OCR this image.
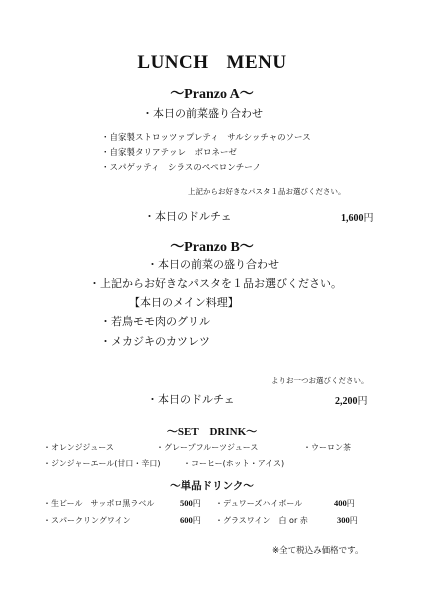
LUNCH MENU
～Pranzo A～
・本日の前菜盛り合わせ
・自家製ストロッツァプレティ　サルシッチャのソース
・自家製タリアテッレ　ボロネーゼ
・スパゲッティ　シラスのペペロンチーノ
上記からお好きなパスタ１品お選びください。
・本日のドルチェ	1,600円
～Pranzo B～
・本日の前菜の盛り合わせ
・上記からお好きなパスタを１品お選びください。
【本日のメイン料理】
・若鳥モモ肉のグリル
・メカジキのカツレツ
よりお一つお選びください。
・本日のドルチェ	2,200円
～SET　DRINK～
・オレンジジュース	・グレープフルーツジュース	・ウーロン茶
・ジンジャーエール(甘口・辛口)	・コーヒー(ホット・アイス)
～単品ドリンク～
・生ビール　サッポロ黒ラベル	500円 ・デュワーズハイボール	400円
・スパークリングワイン	600円 ・グラスワイン　白 or 赤	300円
※全て税込み価格です。
